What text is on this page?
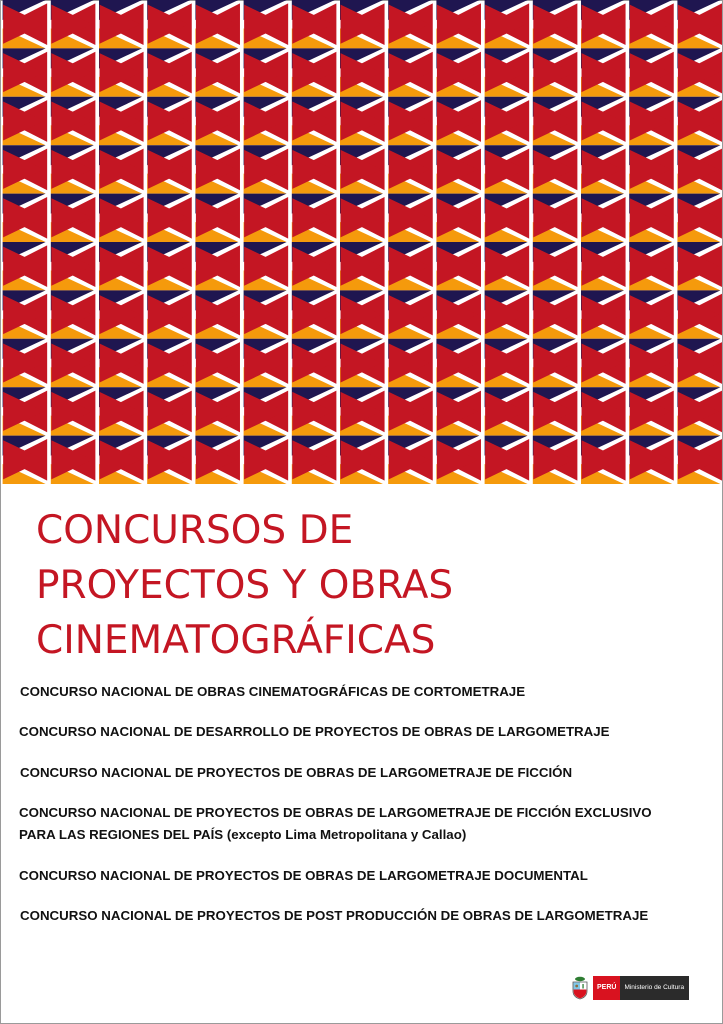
CONCURSOS DE
PROYECTOS Y OBRAS
CINEMATOGRÁFICAS

CONCURSO NACIONAL DE OBRAS CINEMATOGRÁFICAS DE CORTOMETRAJE

CONCURSO NACIONAL DE DESARROLLO DE PROYECTOS DE OBRAS DE LARGOMETRAJE

CONCURSO NACIONAL DE PROYECTOS DE OBRAS DE LARGOMETRAJE DE FICCIÓN

CONCURSO NACIONAL DE PROYECTOS DE OBRAS DE LARGOMETRAJE DE FICCIÓN EXCLUSIVO
PARA LAS REGIONES DEL PAÍS (excepto Lima Metropolitana y Callao)

CONCURSO NACIONAL DE PROYECTOS DE OBRAS DE LARGOMETRAJE DOCUMENTAL

CONCURSO NACIONAL DE PROYECTOS DE POST PRODUCCIÓN DE OBRAS DE LARGOMETRAJE

PERÚ	Ministerio de Cultura
